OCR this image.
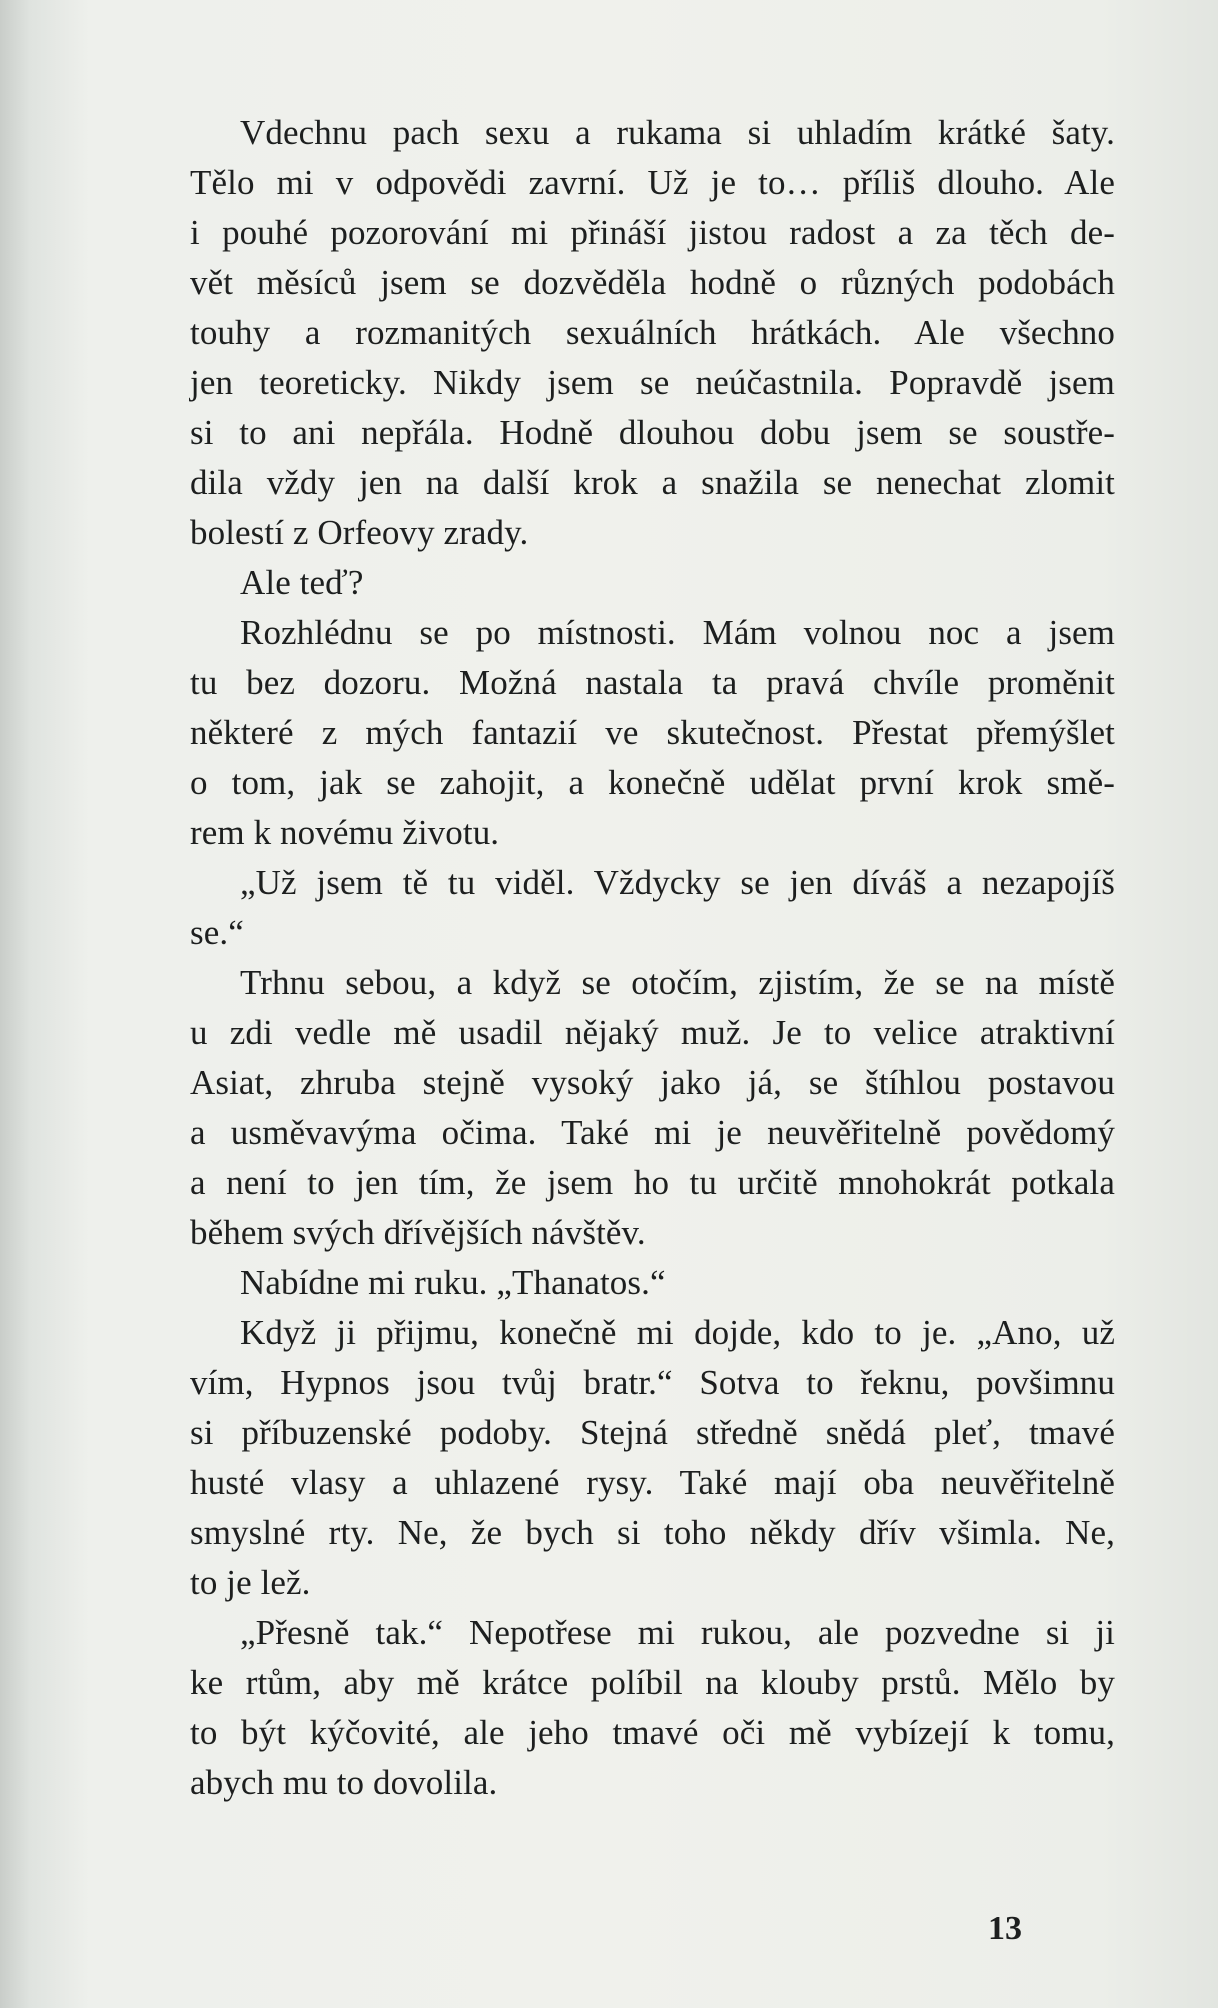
Vdechnu pach sexu a rukama si uhladím krátké šaty.
Tělo mi v odpovědi zavrní. Už je to… příliš dlouho. Ale
i pouhé pozorování mi přináší jistou radost a za těch de-
vět měsíců jsem se dozvěděla hodně o různých podobách
touhy a rozmanitých sexuálních hrátkách. Ale všechno
jen teoreticky. Nikdy jsem se neúčastnila. Popravdě jsem
si to ani nepřála. Hodně dlouhou dobu jsem se soustře-
dila vždy jen na další krok a snažila se nenechat zlomit
bolestí z Orfeovy zrady.
Ale teď?
Rozhlédnu se po místnosti. Mám volnou noc a jsem
tu bez dozoru. Možná nastala ta pravá chvíle proměnit
některé z mých fantazií ve skutečnost. Přestat přemýšlet
o tom, jak se zahojit, a konečně udělat první krok smě-
rem k novému životu.
„Už jsem tě tu viděl. Vždycky se jen díváš a nezapojíš
se.“
Trhnu sebou, a když se otočím, zjistím, že se na místě
u zdi vedle mě usadil nějaký muž. Je to velice atraktivní
Asiat, zhruba stejně vysoký jako já, se štíhlou postavou
a usměvavýma očima. Také mi je neuvěřitelně povědomý
a není to jen tím, že jsem ho tu určitě mnohokrát potkala
během svých dřívějších návštěv.
Nabídne mi ruku. „Thanatos.“
Když ji přijmu, konečně mi dojde, kdo to je. „Ano, už
vím, Hypnos jsou tvůj bratr.“ Sotva to řeknu, povšimnu
si příbuzenské podoby. Stejná středně snědá pleť, tmavé
husté vlasy a uhlazené rysy. Také mají oba neuvěřitelně
smyslné rty. Ne, že bych si toho někdy dřív všimla. Ne,
to je lež.
„Přesně tak.“ Nepotřese mi rukou, ale pozvedne si ji
ke rtům, aby mě krátce políbil na klouby prstů. Mělo by
to být kýčovité, ale jeho tmavé oči mě vybízejí k tomu,
abych mu to dovolila.
13
